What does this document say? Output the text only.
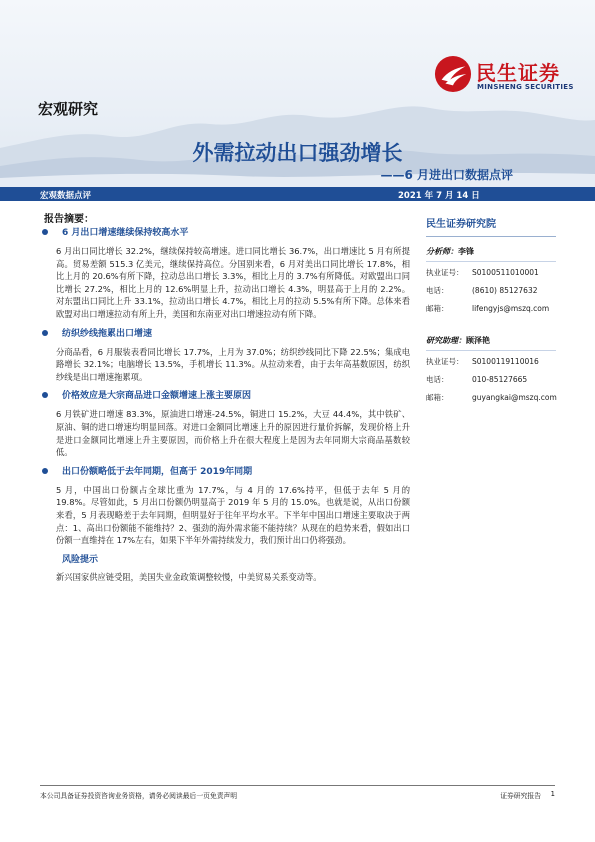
民生证券
MINSHENG SECURITIES
宏观研究
外需拉动出口强劲增长
——6 月进出口数据点评
宏观数据点评	2021 年 7 月 14 日
报告摘要：
6 月出口增速继续保持较高水平
6 月出口同比增长 32.2%，继续保持较高增速。进口同比增长 36.7%，出口增速比 5 月有所提高。贸易差额 515.3 亿美元，继续保持高位。分国别来看，6 月对美出口同比增长 17.8%，相比上月的 20.6%有所下降，拉动总出口增长 3.3%，相比上月的 3.7%有所降低。对欧盟出口同比增长 27.2%，相比上月的 12.6%明显上升，拉动出口增长 4.3%，明显高于上月的 2.2%。对东盟出口同比上升 33.1%，拉动出口增长 4.7%，相比上月的拉动 5.5%有所下降。总体来看欧盟对出口增速拉动有所上升，美国和东南亚对出口增速拉动有所下降。
纺织纱线拖累出口增速
分商品看，6 月服装表看同比增长 17.7%，上月为 37.0%；纺织纱线同比下降 22.5%；集成电路增长 32.1%；电脑增长 13.5%，手机增长 11.3%。从拉动来看，由于去年高基数原因，纺织纱线是出口增速拖累项。
价格效应是大宗商品进口金额增速上涨主要原因
6 月铁矿进口增速 83.3%，原油进口增速-24.5%，铜进口 15.2%，大豆 44.4%，其中铁矿、原油、铜的进口增速均明显回落。对进口金额同比增速上升的原因进行量价拆解，发现价格上升是进口金额同比增速上升主要原因，而价格上升在很大程度上是因为去年同期大宗商品基数较低。
出口份额略低于去年同期，但高于 2019年同期
5 月，中国出口份额占全球比重为 17.7%，与 4 月的 17.6%持平，但低于去年 5 月的 19.8%。尽管如此，5 月出口份额仍明显高于 2019 年 5 月的 15.0%。也就是说，从出口份额来看，5 月表现略差于去年同期，但明显好于往年平均水平。下半年中国出口增速主要取决于两点：1、高出口份额能不能维持？2、强劲的海外需求能不能持续？从现在的趋势来看，假如出口份额一直维持在 17%左右，如果下半年外需持续发力，我们预计出口仍将强劲。
风险提示
新兴国家供应链受阻，美国失业金政策调整较慢，中美贸易关系变动等。
民生证券研究院
分析师：李锋
执业证号：	S0100511010001
电话：	(8610) 85127632
邮箱：	lifengyjs@mszq.com
研究助理：顾泽艳
执业证号：	S0100119110016
电话：	010-85127665
邮箱：	guyangkai@mszq.com
本公司具备证券投资咨询业务资格，请务必阅读最后一页免责声明	证券研究报告 1
